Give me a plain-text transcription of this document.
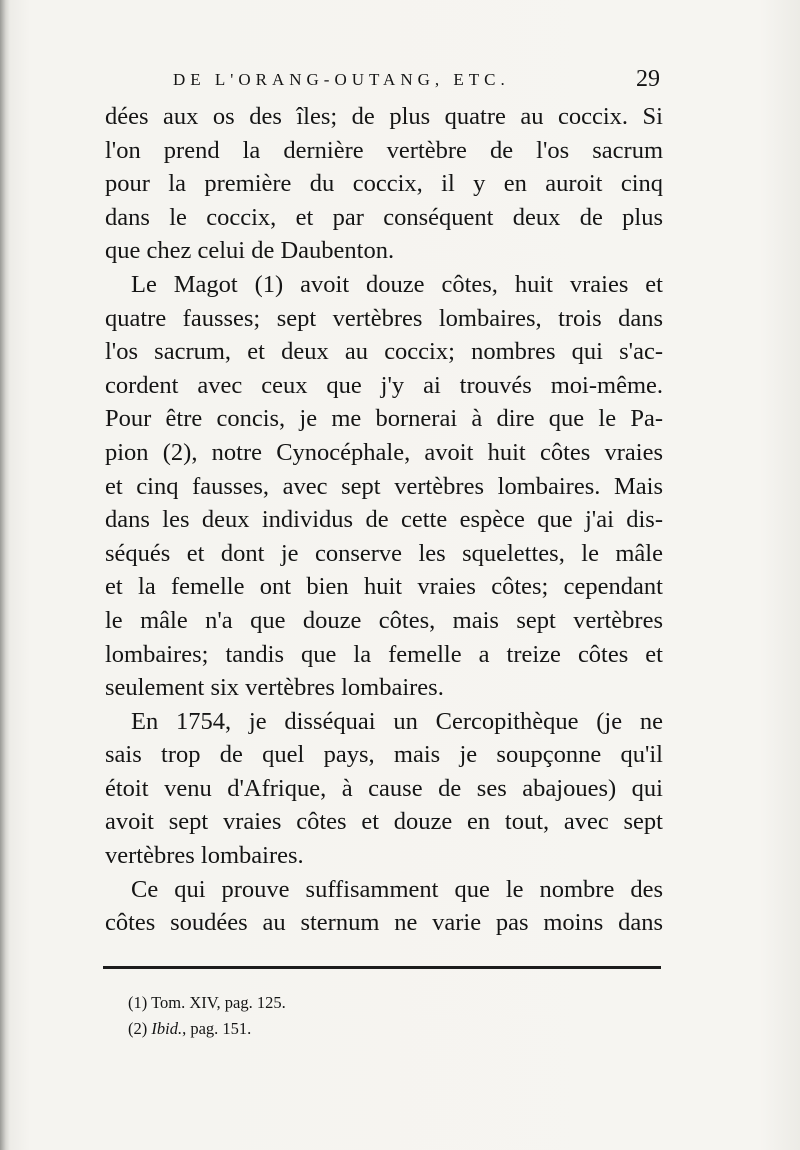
DE L'ORANG-OUTANG, ETC.	29
dées aux os des îles; de plus quatre au coccix. Si
l'on prend la dernière vertèbre de l'os sacrum
pour la première du coccix, il y en auroit cinq
dans le coccix, et par conséquent deux de plus
que chez celui de Daubenton.
Le Magot (1) avoit douze côtes, huit vraies et
quatre fausses; sept vertèbres lombaires, trois dans
l'os sacrum, et deux au coccix; nombres qui s'ac-
cordent avec ceux que j'y ai trouvés moi-même.
Pour être concis, je me bornerai à dire que le Pa-
pion (2), notre Cynocéphale, avoit huit côtes vraies
et cinq fausses, avec sept vertèbres lombaires. Mais
dans les deux individus de cette espèce que j'ai dis-
séqués et dont je conserve les squelettes, le mâle
et la femelle ont bien huit vraies côtes; cependant
le mâle n'a que douze côtes, mais sept vertèbres
lombaires; tandis que la femelle a treize côtes et
seulement six vertèbres lombaires.
En 1754, je disséquai un Cercopithèque (je ne
sais trop de quel pays, mais je soupçonne qu'il
étoit venu d'Afrique, à cause de ses abajoues) qui
avoit sept vraies côtes et douze en tout, avec sept
vertèbres lombaires.
Ce qui prouve suffisamment que le nombre des
côtes soudées au sternum ne varie pas moins dans
(1) Tom. XIV, pag. 125.
(2) Ibid., pag. 151.
